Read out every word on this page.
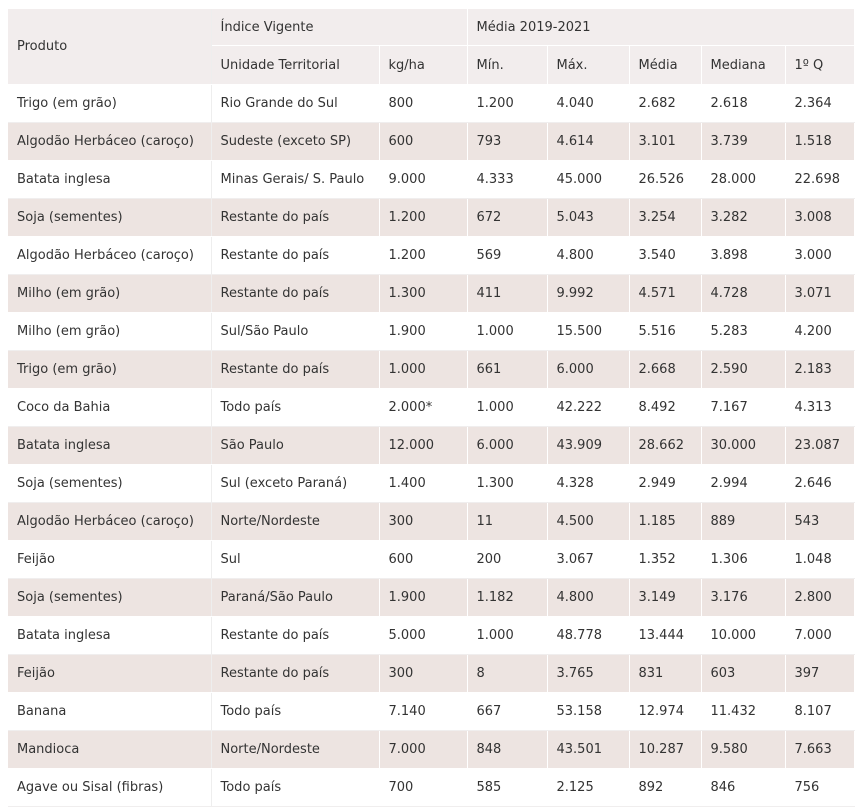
Produto	Índice Vigente		Média 2019-2021				
	Unidade Territorial	kg/ha	Mín.	Máx.	Média	Mediana	1º Q
Trigo (em grão)	Rio Grande do Sul	800	1.200	4.040	2.682	2.618	2.364
Algodão Herbáceo (caroço)	Sudeste (exceto SP)	600	793	4.614	3.101	3.739	1.518
Batata inglesa	Minas Gerais/ S. Paulo	9.000	4.333	45.000	26.526	28.000	22.698
Soja (sementes)	Restante do país	1.200	672	5.043	3.254	3.282	3.008
Algodão Herbáceo (caroço)	Restante do país	1.200	569	4.800	3.540	3.898	3.000
Milho (em grão)	Restante do país	1.300	411	9.992	4.571	4.728	3.071
Milho (em grão)	Sul/São Paulo	1.900	1.000	15.500	5.516	5.283	4.200
Trigo (em grão)	Restante do país	1.000	661	6.000	2.668	2.590	2.183
Coco da Bahia	Todo país	2.000*	1.000	42.222	8.492	7.167	4.313
Batata inglesa	São Paulo	12.000	6.000	43.909	28.662	30.000	23.087
Soja (sementes)	Sul (exceto Paraná)	1.400	1.300	4.328	2.949	2.994	2.646
Algodão Herbáceo (caroço)	Norte/Nordeste	300	11	4.500	1.185	889	543
Feijão	Sul	600	200	3.067	1.352	1.306	1.048
Soja (sementes)	Paraná/São Paulo	1.900	1.182	4.800	3.149	3.176	2.800
Batata inglesa	Restante do país	5.000	1.000	48.778	13.444	10.000	7.000
Feijão	Restante do país	300	8	3.765	831	603	397
Banana	Todo país	7.140	667	53.158	12.974	11.432	8.107
Mandioca	Norte/Nordeste	7.000	848	43.501	10.287	9.580	7.663
Agave ou Sisal (fibras)	Todo país	700	585	2.125	892	846	756
